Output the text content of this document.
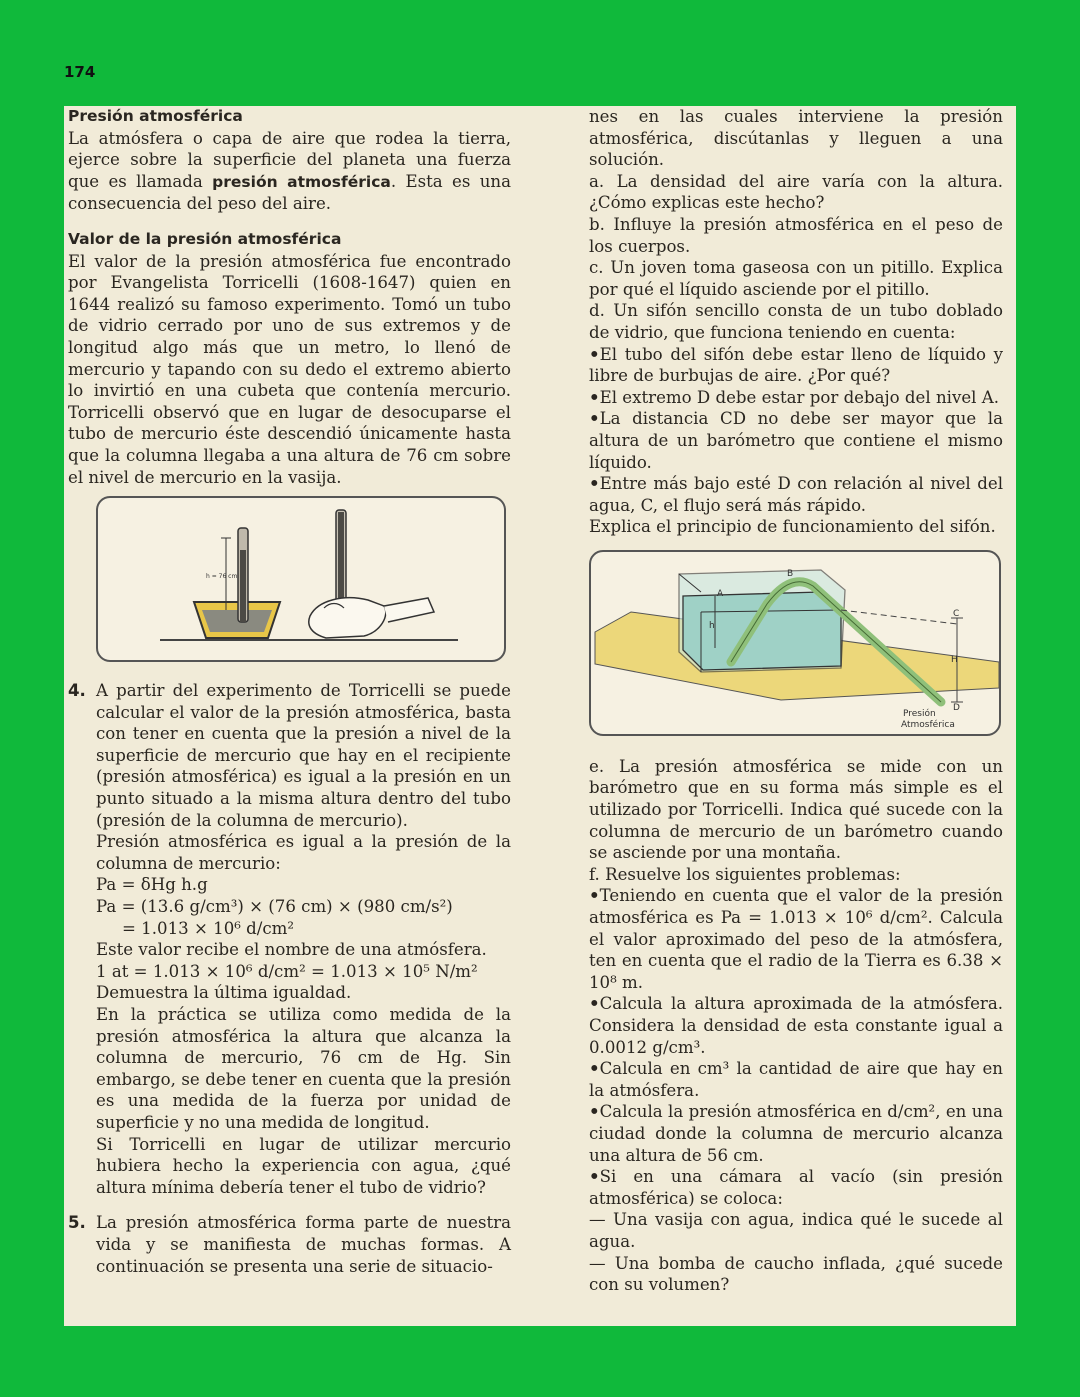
174

Presión atmosférica

La atmósfera o capa de aire que rodea la tierra, ejerce sobre la superficie del planeta una fuerza que es llamada presión atmosférica. Esta es una consecuencia del peso del aire.

Valor de la presión atmosférica

El valor de la presión atmosférica fue encontrado por Evangelista Torricelli (1608-1647) quien en 1644 realizó su famoso experimento. Tomó un tubo de vidrio cerrado por uno de sus extremos y de longitud algo más que un metro, lo llenó de mercurio y tapando con su dedo el extremo abierto lo invirtió en una cubeta que contenía mercurio. Torricelli observó que en lugar de desocuparse el tubo de mercurio éste descendió únicamente hasta que la columna llegaba a una altura de 76 cm sobre el nivel de mercurio en la vasija.

h = 76 cm

4. A partir del experimento de Torricelli se puede calcular el valor de la presión atmosférica, basta con tener en cuenta que la presión a nivel de la superficie de mercurio que hay en el recipiente (presión atmosférica) es igual a la presión en un punto situado a la misma altura dentro del tubo (presión de la columna de mercurio).

Presión atmosférica es igual a la presión de la columna de mercurio:

Pa = δHg h.g

Pa = (13.6 g/cm³) × (76 cm) × (980 cm/s²)

= 1.013 × 10⁶ d/cm²

Este valor recibe el nombre de una atmósfera.

1 at = 1.013 × 10⁶ d/cm² = 1.013 × 10⁵ N/m²

Demuestra la última igualdad.

En la práctica se utiliza como medida de la presión atmosférica la altura que alcanza la columna de mercurio, 76 cm de Hg. Sin embargo, se debe tener en cuenta que la presión es una medida de la fuerza por unidad de superficie y no una medida de longitud.

Si Torricelli en lugar de utilizar mercurio hubiera hecho la experiencia con agua, ¿qué altura mínima debería tener el tubo de vidrio?

5. La presión atmosférica forma parte de nuestra vida y se manifiesta de muchas formas. A continuación se presenta una serie de situacio-

nes en las cuales interviene la presión atmosférica, discútanlas y lleguen a una solución.

a. La densidad del aire varía con la altura. ¿Cómo explicas este hecho?

b. Influye la presión atmosférica en el peso de los cuerpos.

c. Un joven toma gaseosa con un pitillo. Explica por qué el líquido asciende por el pitillo.

d. Un sifón sencillo consta de un tubo doblado de vidrio, que funciona teniendo en cuenta:

• El tubo del sifón debe estar lleno de líquido y libre de burbujas de aire. ¿Por qué?

• El extremo D debe estar por debajo del nivel A.

• La distancia CD no debe ser mayor que la altura de un barómetro que contiene el mismo líquido.

• Entre más bajo esté D con relación al nivel del agua, C, el flujo será más rápido.

Explica el principio de funcionamiento del sifón.

A
B
C
D
H
h
Presión
Atmosférica

e. La presión atmosférica se mide con un barómetro que en su forma más simple es el utilizado por Torricelli. Indica qué sucede con la columna de mercurio de un barómetro cuando se asciende por una montaña.

f. Resuelve los siguientes problemas:

• Teniendo en cuenta que el valor de la presión atmosférica es Pa = 1.013 × 10⁶ d/cm². Calcula el valor aproximado del peso de la atmósfera, ten en cuenta que el radio de la Tierra es 6.38 × 10⁸ m.

• Calcula la altura aproximada de la atmósfera. Considera la densidad de esta constante igual a 0.0012 g/cm³.

• Calcula en cm³ la cantidad de aire que hay en la atmósfera.

• Calcula la presión atmosférica en d/cm², en una ciudad donde la columna de mercurio alcanza una altura de 56 cm.

• Si en una cámara al vacío (sin presión atmosférica) se coloca:

— Una vasija con agua, indica qué le sucede al agua.

— Una bomba de caucho inflada, ¿qué sucede con su volumen?
